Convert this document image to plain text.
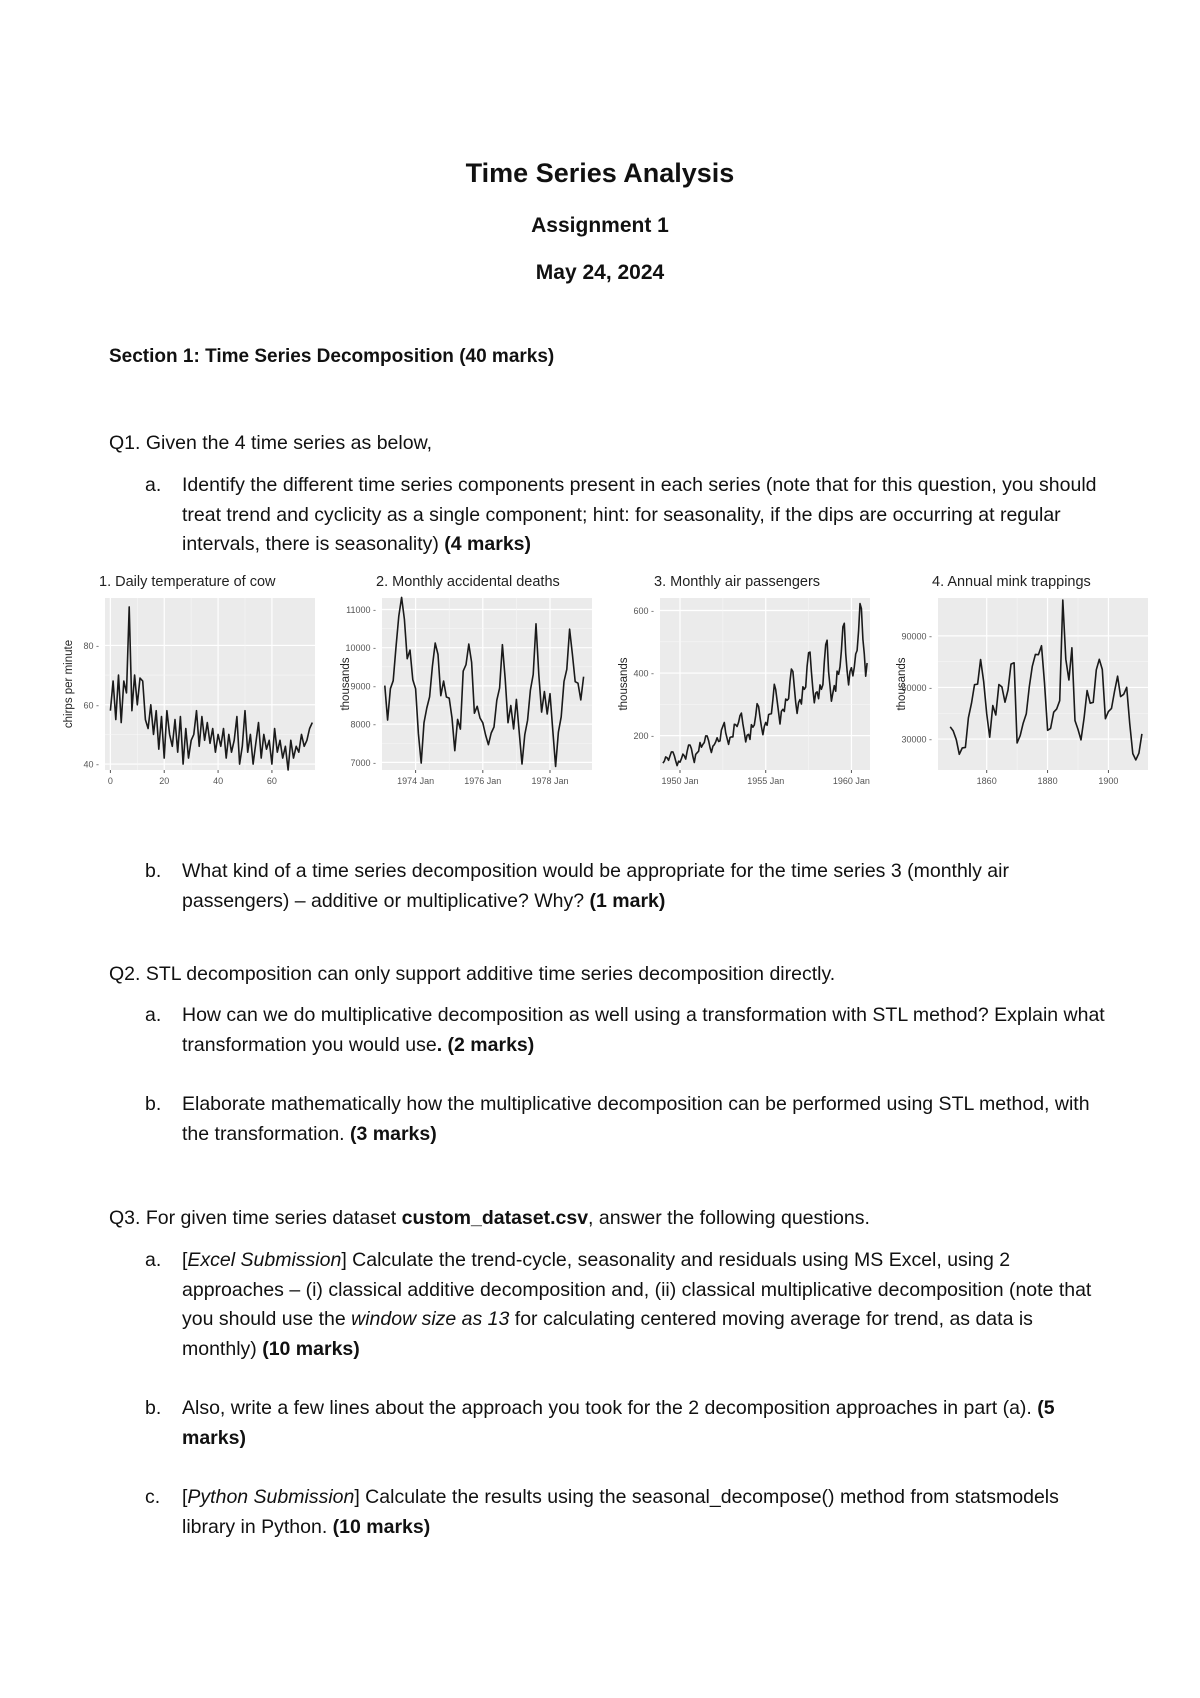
Time Series Analysis
Assignment 1
May 24, 2024
Section 1: Time Series Decomposition (40 marks)
Q1. Given the 4 time series as below,
a. Identify the different time series components present in each series (note that for this question, you should treat trend and cyclicity as a single component; hint: for seasonality, if the dips are occurring at regular intervals, there is seasonality) (4 marks)
1. Daily temperature of cow
40 -
60 -
80 -
0	20	40	60
chirps per minute
2. Monthly accidental deaths
7000 -
8000 -
9000 -
10000 -
11000 -
1974 Jan	1976 Jan	1978 Jan
thousands
3. Monthly air passengers
200 -
400 -
600 -
1950 Jan	1955 Jan	1960 Jan
thousands
4. Annual mink trappings
30000 -
60000 -
90000 -
1860	1880	1900
thousands
b. What kind of a time series decomposition would be appropriate for the time series 3 (monthly air passengers) – additive or multiplicative? Why? (1 mark)
Q2. STL decomposition can only support additive time series decomposition directly.
a. How can we do multiplicative decomposition as well using a transformation with STL method? Explain what transformation you would use. (2 marks)
b. Elaborate mathematically how the multiplicative decomposition can be performed using STL method, with the transformation. (3 marks)
Q3. For given time series dataset custom_dataset.csv, answer the following questions.
a. [Excel Submission] Calculate the trend-cycle, seasonality and residuals using MS Excel, using 2 approaches – (i) classical additive decomposition and, (ii) classical multiplicative decomposition (note that you should use the window size as 13 for calculating centered moving average for trend, as data is monthly) (10 marks)
b. Also, write a few lines about the approach you took for the 2 decomposition approaches in part (a). (5 marks)
c. [Python Submission] Calculate the results using the seasonal_decompose() method from statsmodels library in Python. (10 marks)
